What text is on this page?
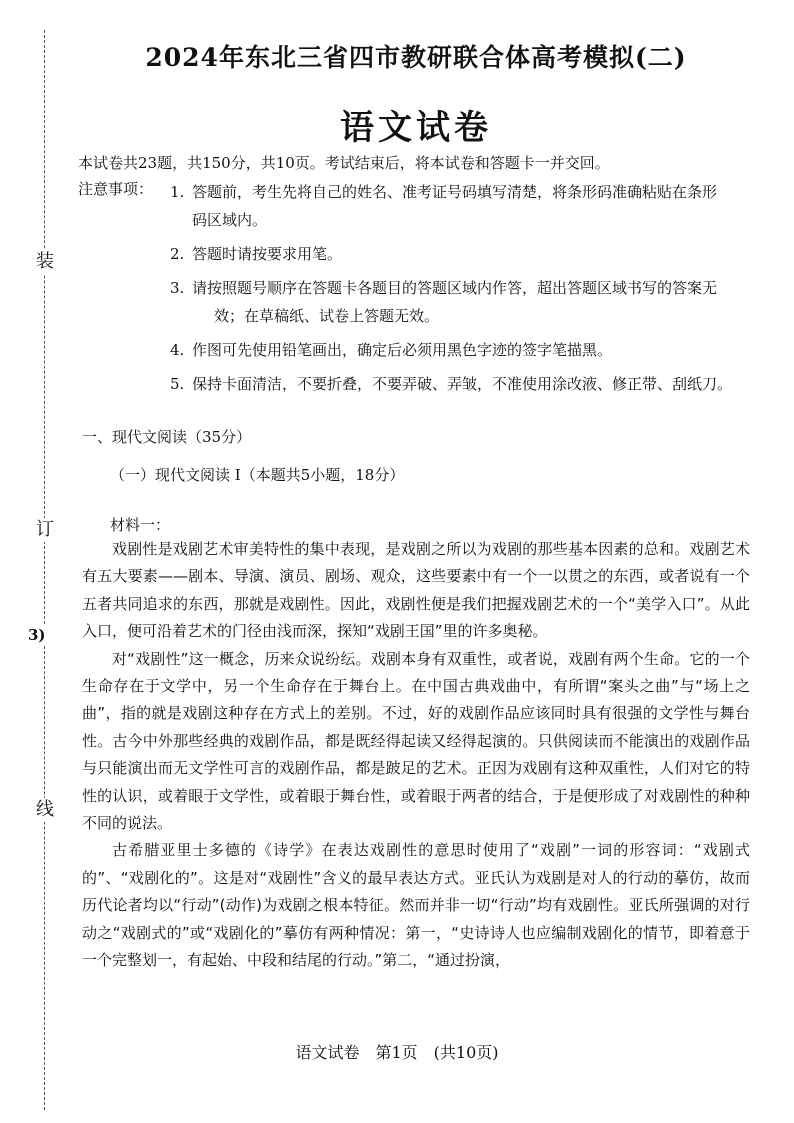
装
订
3)
线
2024年东北三省四市教研联合体高考模拟(二)
语文试卷
本试卷共23题，共150分，共10页。考试结束后，将本试卷和答题卡一并交回。
注意事项： 1. 答题前，考生先将自己的姓名、准考证号码填写清楚，将条形码准确粘贴在条形
码区域内。
2. 答题时请按要求用笔。
3. 请按照题号顺序在答题卡各题目的答题区域内作答，超出答题区域书写的答案无
效；在草稿纸、试卷上答题无效。
4. 作图可先使用铅笔画出，确定后必须用黑色字迹的签字笔描黑。
5. 保持卡面清洁，不要折叠，不要弄破、弄皱，不准使用涂改液、修正带、刮纸刀。
一、现代文阅读（35分）
（一）现代文阅读 I（本题共5小题，18分）
材料一：

戏剧性是戏剧艺术审美特性的集中表现，是戏剧之所以为戏剧的那些基本因素的总和。戏剧艺术有五大要素——剧本、导演、演员、剧场、观众，这些要素中有一个一以贯之的东西，或者说有一个五者共同追求的东西，那就是戏剧性。因此，戏剧性便是我们把握戏剧艺术的一个“美学入口”。从此入口，便可沿着艺术的门径由浅而深，探知“戏剧王国”里的许多奥秘。

对“戏剧性”这一概念，历来众说纷纭。戏剧本身有双重性，或者说，戏剧有两个生命。它的一个生命存在于文学中，另一个生命存在于舞台上。在中国古典戏曲中，有所谓“案头之曲”与“场上之曲”，指的就是戏剧这种存在方式上的差别。不过，好的戏剧作品应该同时具有很强的文学性与舞台性。古今中外那些经典的戏剧作品，都是既经得起读又经得起演的。只供阅读而不能演出的戏剧作品与只能演出而无文学性可言的戏剧作品，都是跛足的艺术。正因为戏剧有这种双重性，人们对它的特性的认识，或着眼于文学性，或着眼于舞台性，或着眼于两者的结合，于是便形成了对戏剧性的种种不同的说法。

古希腊亚里士多德的《诗学》在表达戏剧性的意思时使用了“戏剧”一词的形容词：“戏剧式的”、“戏剧化的”。这是对“戏剧性”含义的最早表达方式。亚氏认为戏剧是对人的行动的摹仿，故而历代论者均以“行动”(动作)为戏剧之根本特征。然而并非一切“行动”均有戏剧性。亚氏所强调的对行动之“戏剧式的”或“戏剧化的”摹仿有两种情况：第一，“史诗诗人也应编制戏剧化的情节，即着意于一个完整划一，有起始、中段和结尾的行动。”第二，“通过扮演，

语文试卷　第1页　(共10页)
